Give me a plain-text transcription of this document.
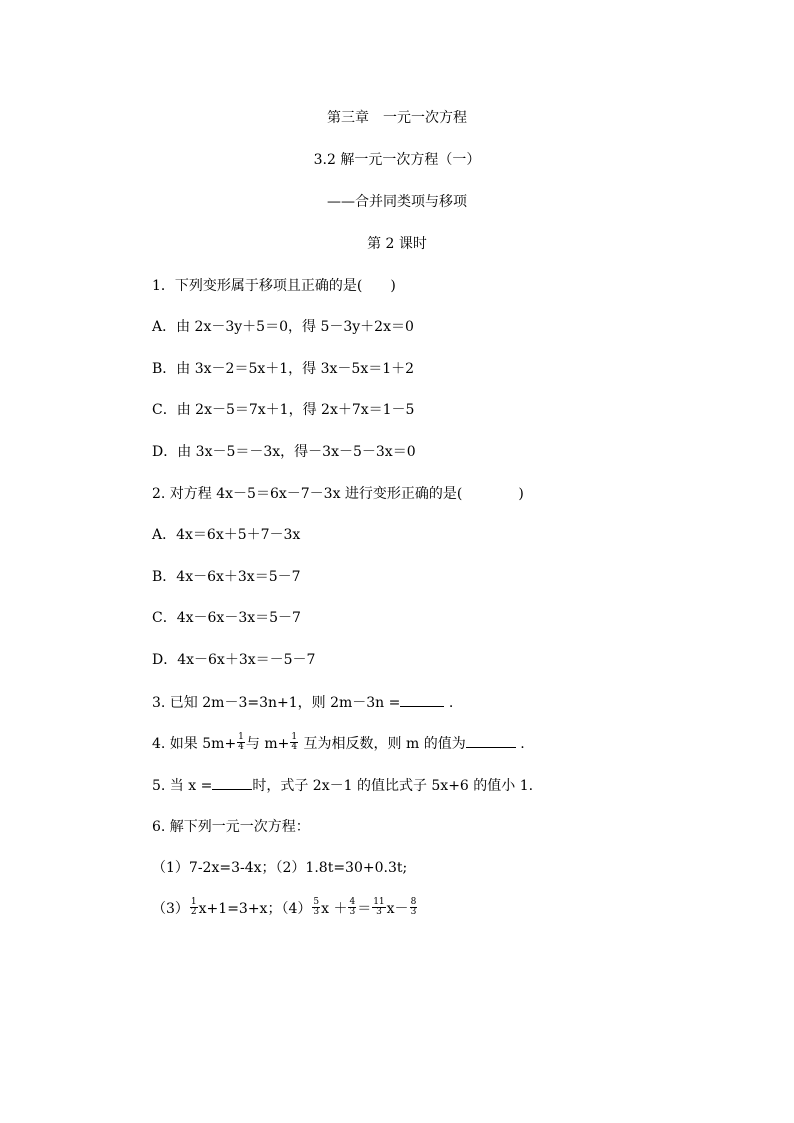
第三章　一元一次方程
3.2 解一元一次方程（一）
——合并同类项与移项
第 2 课时
1．下列变形属于移项且正确的是(　　)
A．由 2x－3y＋5＝0，得 5－3y＋2x＝0
B．由 3x－2＝5x＋1，得 3x－5x＝1＋2
C．由 2x－5＝7x＋1，得 2x＋7x＝1－5
D．由 3x－5＝－3x，得－3x－5－3x＝0
2. 对方程 4x－5＝6x－7－3x 进行变形正确的是(　　　　)
A．4x＝6x＋5＋7－3x
B．4x－6x＋3x＝5－7
C．4x－6x－3x＝5－7
D．4x－6x＋3x＝－5－7
3. 已知 2m－3=3n+1，则 2m－3n =	.
4. 如果 $5m+ \frac{1}{4}$ 与 $m+ \frac{1}{4}$ 互为相反数，则 m 的值为	.
5. 当 x =	时，式子 2x－1 的值比式子 5x+6 的值小 1.
6. 解下列一元一次方程：
（1）7-2x=3-4x；（2）1.8t=30+0.3t;
$(3) \frac{1}{2} x+1=3+x$；$(4) \frac{5}{3}$ $x + \frac{4}{3} = \frac{11}{3} x- \frac{8}{3}$
